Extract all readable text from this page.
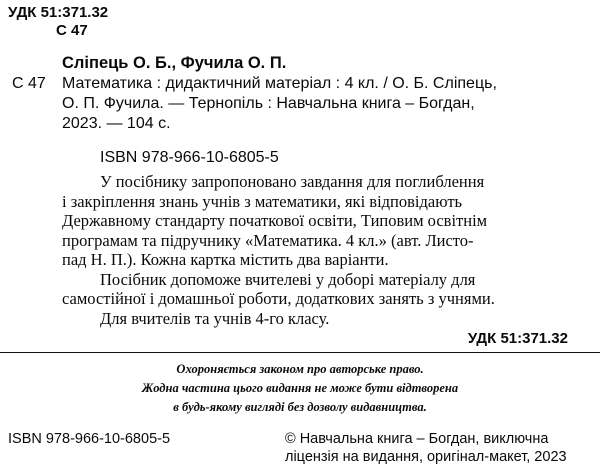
УДК 51:371.32
С 47
Сліпець О. Б., Фучила О. П.
С 47 Математика : дидактичний матеріал : 4 кл. / О. Б. Сліпець,
О. П. Фучила. — Тернопіль : Навчальна книга – Богдан,
2023. — 104 с.
ISBN 978-966-10-6805-5
У посібнику запропоновано завдання для поглиблення
і закріплення знань учнів з математики, які відповідають
Державному стандарту початкової освіти, Типовим освітнім
програмам та підручнику «Математика. 4 кл.» (авт. Листо-
пад Н. П.). Кожна картка містить два варіанти.
Посібник допоможе вчителеві у доборі матеріалу для
самостійної і домашньої роботи, додаткових занять з учнями.
Для вчителів та учнів 4-го класу.
УДК 51:371.32
Охороняється законом про авторське право.
Жодна частина цього видання не може бути відтворена
в будь-якому вигляді без дозволу видавництва.
ISBN 978-966-10-6805-5	© Навчальна книга – Богдан, виключна
ліцензія на видання, оригінал-макет, 2023
